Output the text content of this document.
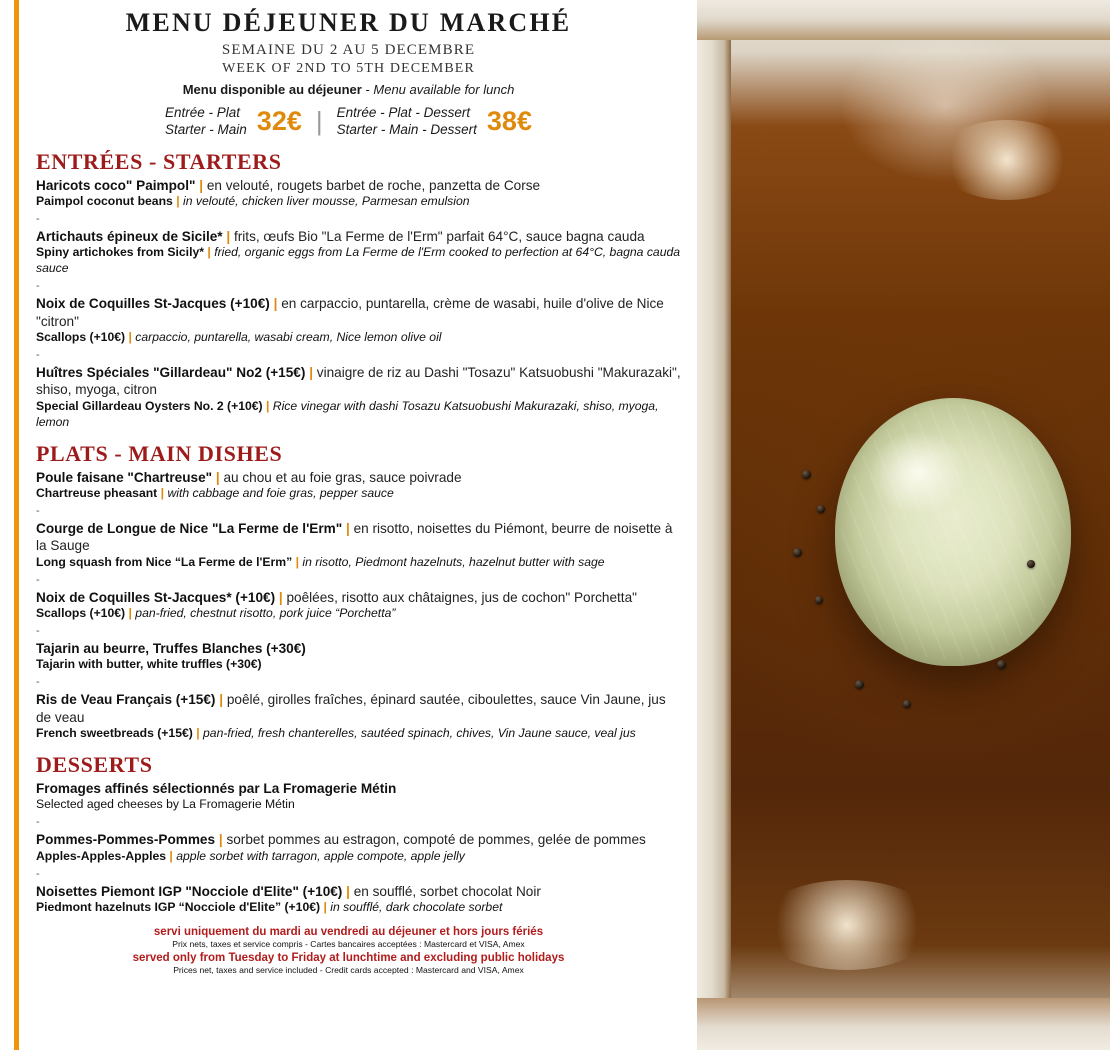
MENU DÉJEUNER DU MARCHÉ
SEMAINE DU 2 AU 5 DECEMBRE
WEEK OF 2ND TO 5TH DECEMBER
Menu disponible au déjeuner - Menu available for lunch
Entrée - Plat
Starter - Main 32€ | Entrée - Plat - Dessert
Starter - Main - Dessert 38€
ENTRÉES - STARTERS
Haricots coco" Paimpol" | en velouté, rougets barbet de roche, panzetta de Corse
Paimpol coconut beans | in velouté, chicken liver mousse, Parmesan emulsion
-
Artichauts épineux de Sicile* | frits, œufs Bio "La Ferme de l'Erm" parfait 64°C, sauce bagna cauda
Spiny artichokes from Sicily* | fried, organic eggs from La Ferme de l'Erm cooked to perfection at 64°C, bagna cauda sauce
-
Noix de Coquilles St-Jacques (+10€) | en carpaccio, puntarella, crème de wasabi, huile d'olive de Nice "citron"
Scallops (+10€) | carpaccio, puntarella, wasabi cream, Nice lemon olive oil
-
Huîtres Spéciales "Gillardeau" No2 (+15€) | vinaigre de riz au Dashi "Tosazu" Katsuobushi "Makurazaki", shiso, myoga, citron
Special Gillardeau Oysters No. 2 (+10€) | Rice vinegar with dashi Tosazu Katsuobushi Makurazaki, shiso, myoga, lemon
PLATS - MAIN DISHES
Poule faisane "Chartreuse" | au chou et au foie gras, sauce poivrade
Chartreuse pheasant | with cabbage and foie gras, pepper sauce
-
Courge de Longue de Nice "La Ferme de l'Erm" | en risotto, noisettes du Piémont, beurre de noisette à la Sauge
Long squash from Nice “La Ferme de l'Erm” | in risotto, Piedmont hazelnuts, hazelnut butter with sage
-
Noix de Coquilles St-Jacques* (+10€) | poêlées, risotto aux châtaignes, jus de cochon" Porchetta"
Scallops (+10€) | pan-fried, chestnut risotto, pork juice “Porchetta”
-
Tajarin au beurre, Truffes Blanches (+30€)
Tajarin with butter, white truffles (+30€)
-
Ris de Veau Français (+15€) | poêlé, girolles fraîches, épinard sautée, ciboulettes, sauce Vin Jaune, jus de veau
French sweetbreads (+15€) | pan-fried, fresh chanterelles, sautéed spinach, chives, Vin Jaune sauce, veal jus
DESSERTS
Fromages affinés sélectionnés par La Fromagerie Métin
Selected aged cheeses by La Fromagerie Métin
-
Pommes-Pommes-Pommes | sorbet pommes au estragon, compoté de pommes, gelée de pommes
Apples-Apples-Apples | apple sorbet with tarragon, apple compote, apple jelly
-
Noisettes Piemont IGP "Nocciole d'Elite" (+10€) | en soufflé, sorbet chocolat Noir
Piedmont hazelnuts IGP “Nocciole d'Elite” (+10€) | in soufflé, dark chocolate sorbet
servi uniquement du mardi au vendredi au déjeuner et hors jours fériés
Prix nets, taxes et service compris - Cartes bancaires acceptées : Mastercard et VISA, Amex
served only from Tuesday to Friday at lunchtime and excluding public holidays
Prices net, taxes and service included - Credit cards accepted : Mastercard and VISA, Amex
